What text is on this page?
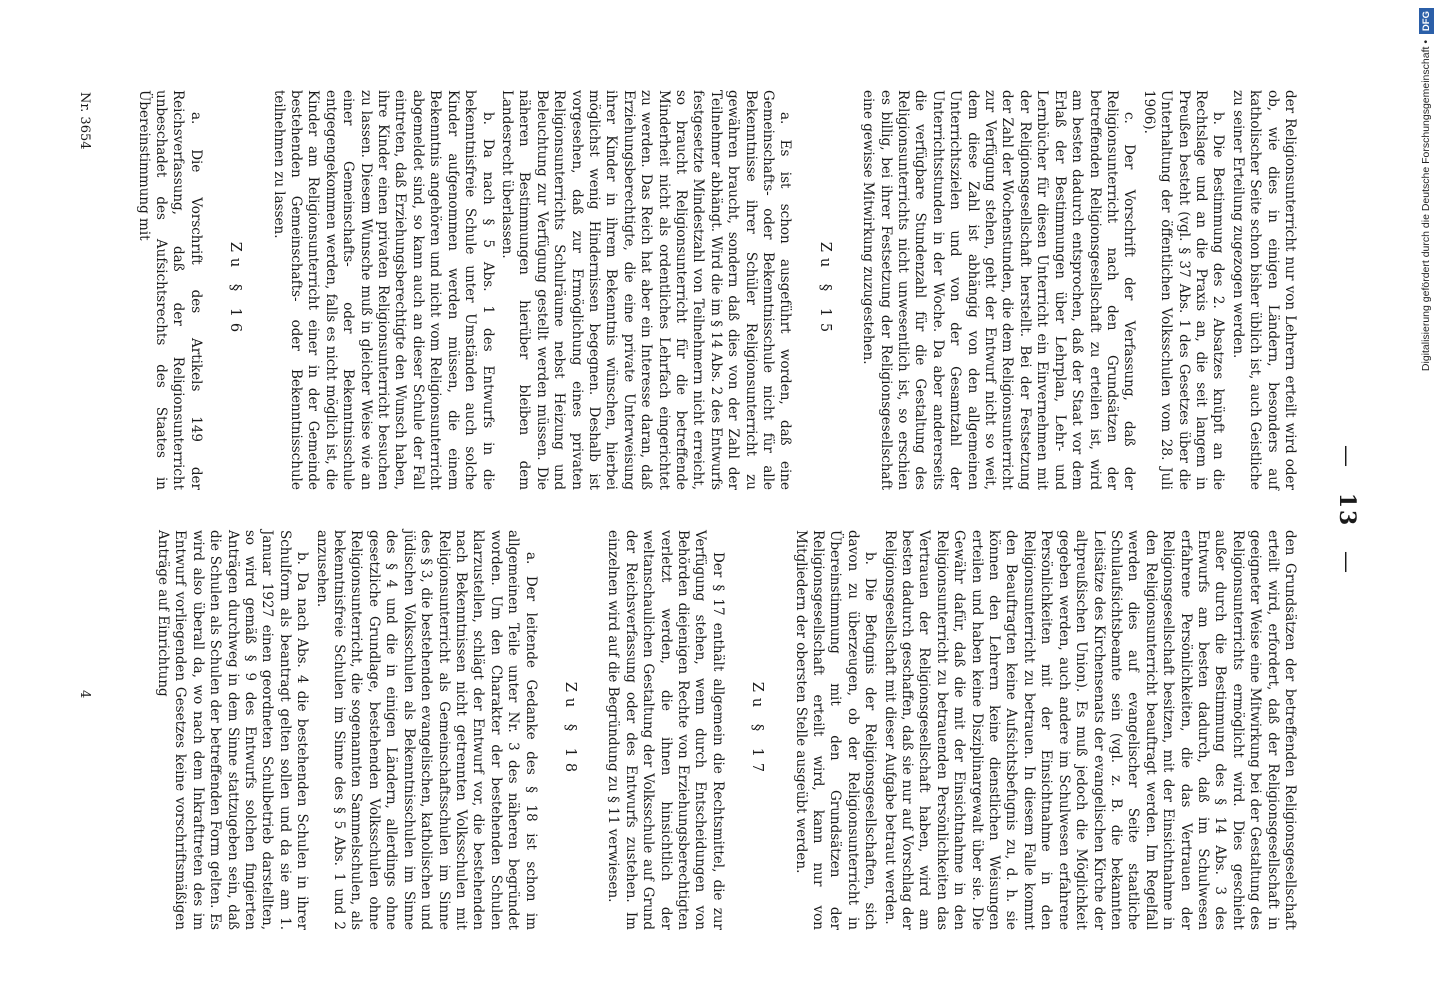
— 13 —

der Religionsunterricht nur von Lehrern erteilt wird oder ob, wie dies in einigen Ländern, besonders auf katholischer Seite schon bisher üblich ist, auch Geistliche zu seiner Erteilung zugezogen werden.

b. Die Bestimmung des 2. Absatzes knüpft an die Rechtslage und an die Praxis an, die seit langem in Preußen besteht (vgl. § 37 Abs. 1 des Gesetzes über die Unterhaltung der öffentlichen Volksschulen vom 28. Juli 1906).

c. Der Vorschrift der Verfassung, daß der Religionsunterricht nach den Grundsätzen der betreffenden Religionsgesellschaft zu erteilen ist, wird am besten dadurch entsprochen, daß der Staat vor dem Erlaß der Bestimmungen über Lehrplan, Lehr- und Lernbücher für diesen Unterricht ein Einvernehmen mit der Religionsgesellschaft herstellt. Bei der Festsetzung der Zahl der Wochenstunden, die dem Religionsunterricht zur Verfügung stehen, geht der Entwurf nicht so weit, dem diese Zahl ist abhängig von den allgemeinen Unterrichtszielen und von der Gesamtzahl der Unterrichtsstunden in der Woche. Da aber andererseits die verfügbare Stundenzahl für die Gestaltung des Religionsunterrichts nicht unwesentlich ist, so erschien es billig, bei ihrer Festsetzung der Religionsgesellschaft eine gewisse Mitwirkung zuzugestehen.

Zu § 15

a. Es ist schon ausgeführt worden, daß eine Gemeinschafts- oder Bekenntnisschule nicht für alle Bekenntnisse ihrer Schüler Religionsunterricht zu gewähren braucht, sondern daß dies von der Zahl der Teilnehmer abhängt. Wird die im § 14 Abs. 2 des Entwurfs festgesetzte Mindestzahl von Teilnehmern nicht erreicht, so braucht Religionsunterricht für die betreffende Minderheit nicht als ordentliches Lehrfach eingerichtet zu werden. Das Reich hat aber ein Interesse daran, daß Erziehungsberechtigte, die eine private Unterweisung ihrer Kinder in ihrem Bekenntnis wünschen, hierbei möglichst wenig Hindernissen begegnen. Deshalb ist vorgesehen, daß zur Ermöglichung eines privaten Religionsunterrichts Schulräume nebst Heizung und Beleuchtung zur Verfügung gestellt werden müssen. Die näheren Bestimmungen hierüber bleiben dem Landesrecht überlassen.

b. Da nach § 5 Abs. 1 des Entwurfs in die bekenntnisfreie Schule unter Umständen auch solche Kinder aufgenommen werden müssen, die einem Bekenntnis angehören und nicht vom Religionsunterricht abgemeldet sind, so kann auch an dieser Schule der Fall eintreten, daß Erziehungsberechtigte den Wunsch haben, ihre Kinder einen privaten Religionsunterricht besuchen zu lassen. Diesem Wunsche muß in gleicher Weise wie an einer Gemeinschafts- oder Bekenntnisschule entgegengekommen werden, falls es nicht möglich ist, die Kinder am Religionsunterricht einer in der Gemeinde bestehenden Gemeinschafts- oder Bekenntnisschule teilnehmen zu lassen.

Zu § 16

a. Die Vorschrift des Artikels 149 der Reichsverfassung, daß der Religionsunterricht unbeschadet des Aufsichtsrechts des Staates in Übereinstimmung mit

den Grundsätzen der betreffenden Religionsgesellschaft erteilt wird, erfordert, daß der Religionsgesellschaft in geeigneter Weise eine Mitwirkung bei der Gestaltung des Religionsunterrichts ermöglicht wird. Dies geschieht außer durch die Bestimmung des § 14 Abs. 3 des Entwurfs am besten dadurch, daß im Schulwesen erfahrene Persönlichkeiten, die das Vertrauen der Religionsgesellschaft besitzen, mit der Einsichtnahme in den Religionsunterricht beauftragt werden. Im Regelfall werden dies auf evangelischer Seite staatliche Schulaufsichtsbeamte sein (vgl. z. B. die bekannten Leitsätze des Kirchensenats der evangelischen Kirche der altpreußischen Union). Es muß jedoch die Möglichkeit gegeben werden, auch andere im Schulwesen erfahrene Persönlichkeiten mit der Einsichtnahme in den Religionsunterricht zu betrauen. In diesem Falle kommt den Beauftragten keine Aufsichtsbefugnis zu, d. h. sie können den Lehrern keine dienstlichen Weisungen erteilen und haben keine Disziplinargewalt über sie. Die Gewähr dafür, daß die mit der Einsichtnahme in den Religionsunterricht zu betrauenden Persönlichkeiten das Vertrauen der Religionsgesellschaft haben, wird am besten dadurch geschaffen, daß sie nur auf Vorschlag der Religionsgesellschaft mit dieser Aufgabe betraut werden.

b. Die Befugnis der Religionsgesellschaften, sich davon zu überzeugen, ob der Religionsunterricht in Übereinstimmung mit den Grundsätzen der Religionsgesellschaft erteilt wird, kann nur von Mitgliedern der obersten Stelle ausgeübt werden.

Zu § 17

Der § 17 enthält allgemein die Rechtsmittel, die zur Verfügung stehen, wenn durch Entscheidungen von Behörden diejenigen Rechte von Erziehungsberechtigten verletzt werden, die ihnen hinsichtlich der weltanschaulichen Gestaltung der Volksschule auf Grund der Reichsverfassung oder des Entwurfs zustehen. Im einzelnen wird auf die Begründung zu § 11 verwiesen.

Zu § 18

a. Der leitende Gedanke des § 18 ist schon im allgemeinen Teile unter Nr. 3 des näheren begründet worden. Um den Charakter der bestehenden Schulen klarzustellen, schlägt der Entwurf vor, die bestehenden nach Bekenntnissen nicht getrennten Volksschulen mit Religionsunterricht als Gemeinschaftsschulen im Sinne des § 3, die bestehenden evangelischen, katholischen und jüdischen Volksschulen als Bekenntnisschulen im Sinne des § 4 und die in einigen Ländern, allerdings ohne gesetzliche Grundlage, bestehenden Volksschulen ohne Religionsunterricht, die sogenannten Sammelschulen, als bekenntnisfreie Schulen im Sinne des § 5 Abs. 1 und 2 anzusehen.

b. Da nach Abs. 4 die bestehenden Schulen in ihrer Schulform als beantragt gelten sollen und da sie am 1. Januar 1927 einen geordneten Schulbetrieb darstellten, so wird gemäß § 9 des Entwurfs solchen fingierten Anträgen durchweg in dem Sinne stattzugeben sein, daß die Schulen als Schulen der betreffenden Form gelten. Es wird also überall da, wo nach dem Inkrafttreten des im Entwurf vorliegenden Gesetzes keine vorschriftsmäßigen Anträge auf Einrichtung

Nr. 3654
4
Digitalisierung gefördert durch die Deutsche Forschungsgemeinschaft • DFG
